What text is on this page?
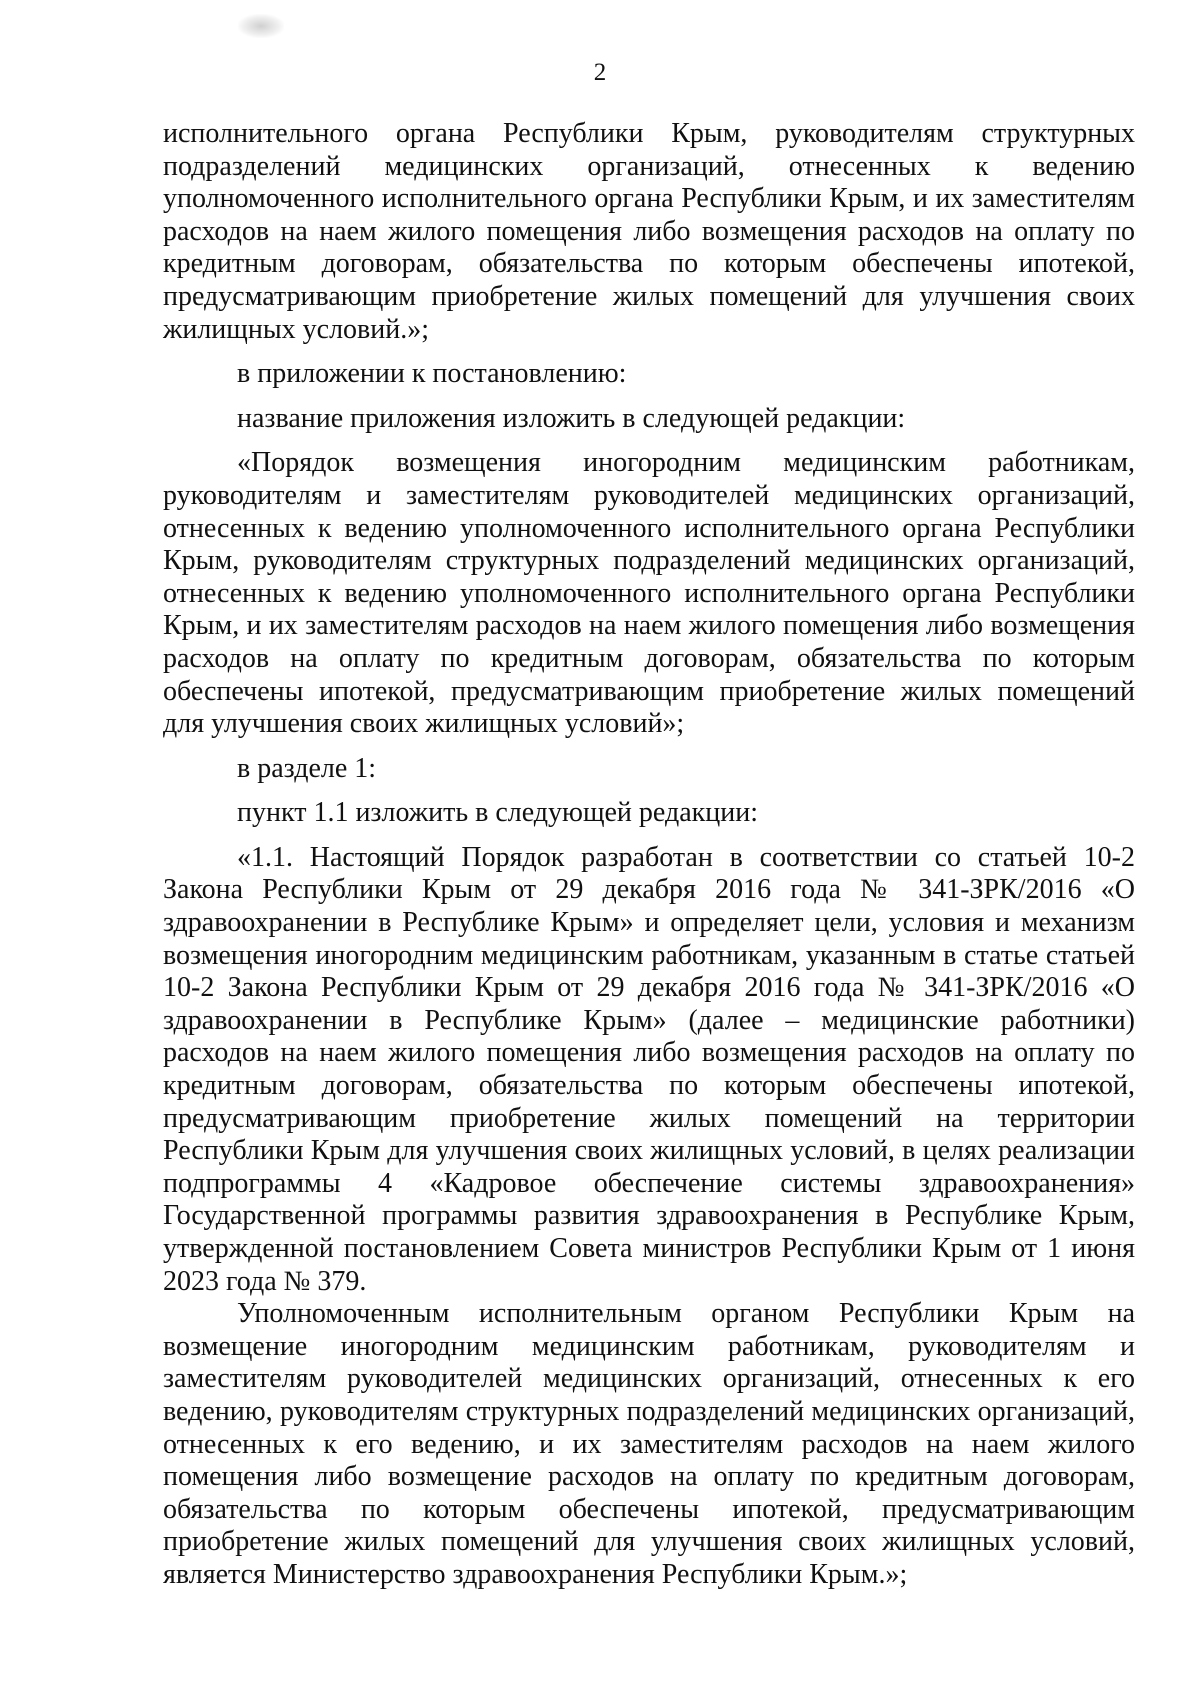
2

исполнительного органа Республики Крым, руководителям структурных подразделений медицинских организаций, отнесенных к ведению уполномоченного исполнительного органа Республики Крым, и их заместителям расходов на наем жилого помещения либо возмещения расходов на оплату по кредитным договорам, обязательства по которым обеспечены ипотекой, предусматривающим приобретение жилых помещений для улучшения своих жилищных условий.»;

в приложении к постановлению:

название приложения изложить в следующей редакции:

«Порядок возмещения иногородним медицинским работникам, руководителям и заместителям руководителей медицинских организаций, отнесенных к ведению уполномоченного исполнительного органа Республики Крым, руководителям структурных подразделений медицинских организаций, отнесенных к ведению уполномоченного исполнительного органа Республики Крым, и их заместителям расходов на наем жилого помещения либо возмещения расходов на оплату по кредитным договорам, обязательства по которым обеспечены ипотекой, предусматривающим приобретение жилых помещений для улучшения своих жилищных условий»;

в разделе 1:

пункт 1.1 изложить в следующей редакции:

«1.1. Настоящий Порядок разработан в соответствии со статьей 10-2 Закона Республики Крым от 29 декабря 2016 года № 341-ЗРК/2016 «О здравоохранении в Республике Крым» и определяет цели, условия и механизм возмещения иногородним медицинским работникам, указанным в статье статьей 10-2 Закона Республики Крым от 29 декабря 2016 года № 341-ЗРК/2016 «О здравоохранении в Республике Крым» (далее – медицинские работники) расходов на наем жилого помещения либо возмещения расходов на оплату по кредитным договорам, обязательства по которым обеспечены ипотекой, предусматривающим приобретение жилых помещений на территории Республики Крым для улучшения своих жилищных условий, в целях реализации подпрограммы 4 «Кадровое обеспечение системы здравоохранения» Государственной программы развития здравоохранения в Республике Крым, утвержденной постановлением Совета министров Республики Крым от 1 июня 2023 года № 379.

Уполномоченным исполнительным органом Республики Крым на возмещение иногородним медицинским работникам, руководителям и заместителям руководителей медицинских организаций, отнесенных к его ведению, руководителям структурных подразделений медицинских организаций, отнесенных к его ведению, и их заместителям расходов на наем жилого помещения либо возмещение расходов на оплату по кредитным договорам, обязательства по которым обеспечены ипотекой, предусматривающим приобретение жилых помещений для улучшения своих жилищных условий, является Министерство здравоохранения Республики Крым.»;
